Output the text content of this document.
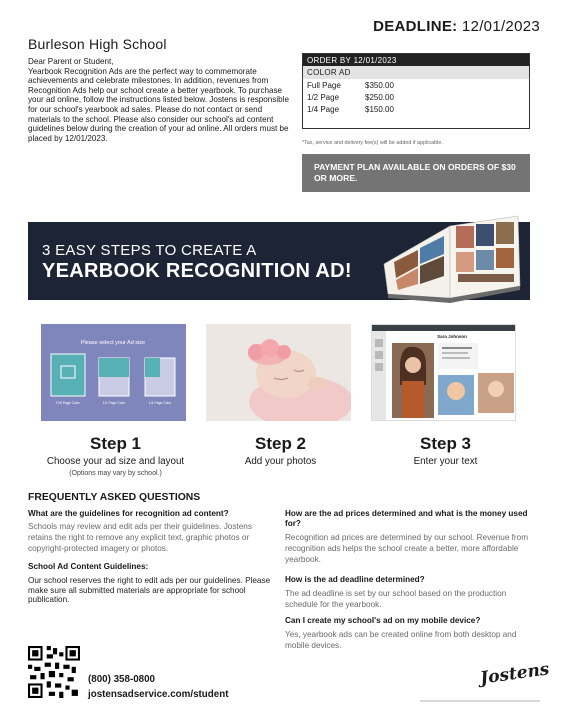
DEADLINE: 12/01/2023
Burleson High School
Dear Parent or Student,
Yearbook Recognition Ads are the perfect way to commemorate achievements and celebrate milestones. In addition, revenues from Recognition Ads help our school create a better yearbook. To purchase your ad online, follow the instructions listed below. Jostens is responsible for our school's yearbook ad sales. Please do not contact or send materials to the school. Please also consider our school's ad content guidelines below during the creation of your ad online. All orders must be placed by 12/01/2023.
ORDER BY 12/01/2023
COLOR AD
Full Page	$350.00
1/2 Page	$250.00
1/4 Page	$150.00
*Tax, service and delivery fee(s) will be added if applicable.
PAYMENT PLAN AVAILABLE ON ORDERS OF $30 OR MORE.
3 EASY STEPS TO CREATE A
YEARBOOK RECOGNITION AD!
Please select your Ad size
Full Page Color	1/2 Page Color	1/4 Page Color
Sara Johnson
Step 1
Choose your ad size and layout
(Options may vary by school.)
Step 2
Add your photos
Step 3
Enter your text
FREQUENTLY ASKED QUESTIONS
What are the guidelines for recognition ad content?
Schools may review and edit ads per their guidelines. Jostens retains the right to remove any explicit text, graphic photos or copyright-protected imagery or photos.
School Ad Content Guidelines:
Our school reserves the right to edit ads per our guidelines. Please make sure all submitted materials are appropriate for school publication.
How are the ad prices determined and what is the money used for?
Recognition ad prices are determined by our school. Revenue from recognition ads helps the school create a better, more affordable yearbook.
How is the ad deadline determined?
The ad deadline is set by our school based on the production schedule for the yearbook.
Can I create my school's ad on my mobile device?
Yes, yearbook ads can be created online from both desktop and mobile devices.
(800) 358-0800
jostensadservice.com/student
Jostens
